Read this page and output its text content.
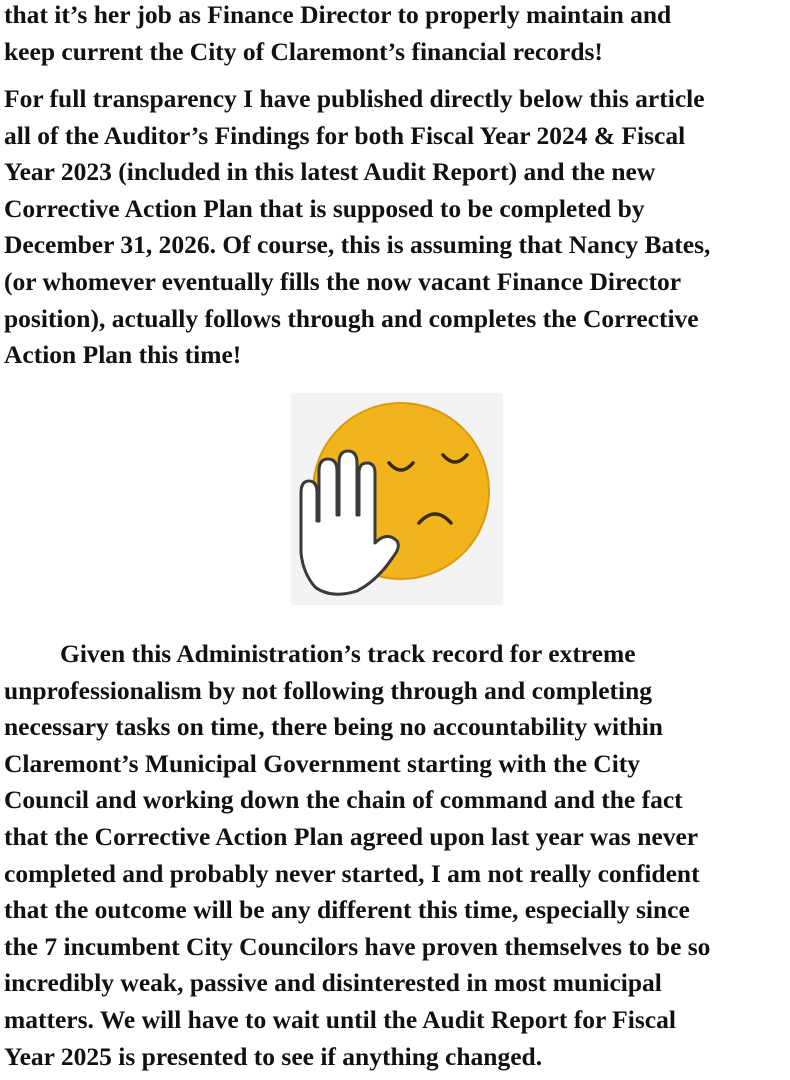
that it’s her job as Finance Director to properly maintain and
keep current the City of Claremont’s financial records!

For full transparency I have published directly below this article
all of the Auditor’s Findings for both Fiscal Year 2024 & Fiscal
Year 2023 (included in this latest Audit Report) and the new
Corrective Action Plan that is supposed to be completed by
December 31, 2026. Of course, this is assuming that Nancy Bates,
(or whomever eventually fills the now vacant Finance Director
position), actually follows through and completes the Corrective
Action Plan this time!

Given this Administration’s track record for extreme
unprofessionalism by not following through and completing
necessary tasks on time, there being no accountability within
Claremont’s Municipal Government starting with the City
Council and working down the chain of command and the fact
that the Corrective Action Plan agreed upon last year was never
completed and probably never started, I am not really confident
that the outcome will be any different this time, especially since
the 7 incumbent City Councilors have proven themselves to be so
incredibly weak, passive and disinterested in most municipal
matters. We will have to wait until the Audit Report for Fiscal
Year 2025 is presented to see if anything changed.
